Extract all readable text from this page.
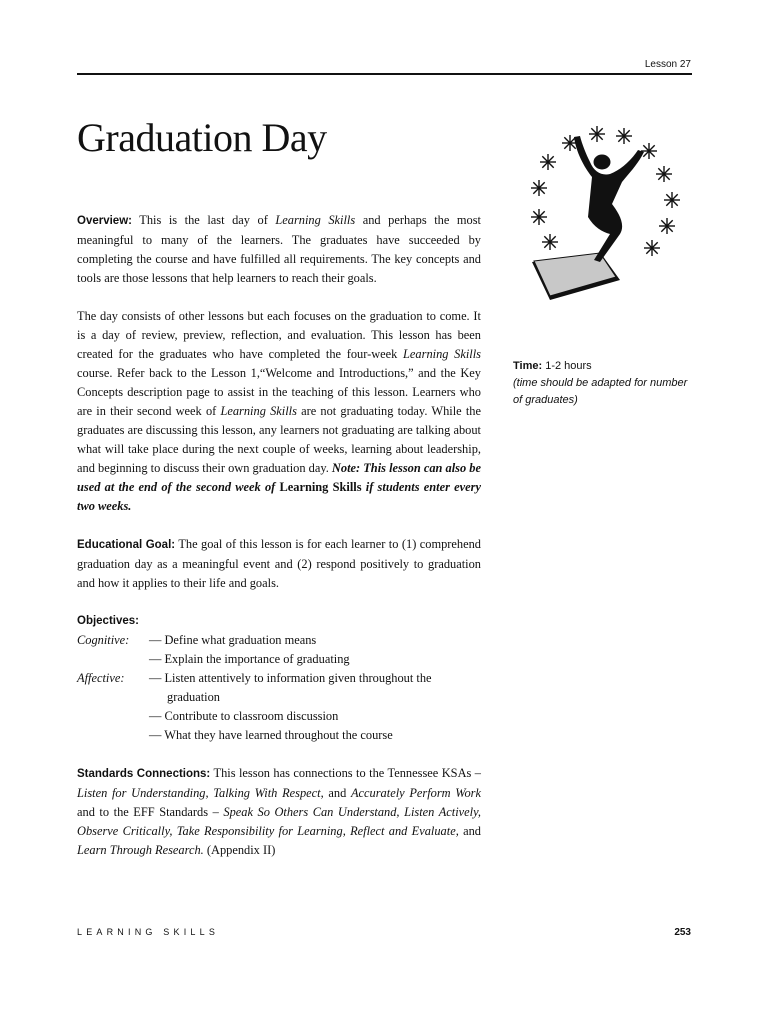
Lesson 27
Graduation Day

Overview: This is the last day of Learning Skills and perhaps the most meaningful to many of the learners. The graduates have succeeded by completing the course and have fulfilled all requirements. The key concepts and tools are those lessons that help learners to reach their goals.

The day consists of other lessons but each focuses on the graduation to come. It is a day of review, preview, reflection, and evaluation. This lesson has been created for the graduates who have completed the four-week Learning Skills course. Refer back to the Lesson 1,“Welcome and Introductions,” and the Key Concepts description page to assist in the teaching of this lesson. Learners who are in their second week of Learning Skills are not graduating today. While the graduates are discussing this lesson, any learners not graduating are talking about what will take place during the next couple of weeks, learning about leadership, and beginning to discuss their own graduation day. Note: This lesson can also be used at the end of the second week of Learning Skills if students enter every two weeks.

Educational Goal: The goal of this lesson is for each learner to (1) comprehend graduation day as a meaningful event and (2) respond positively to graduation and how it applies to their life and goals.

Objectives:
Cognitive:	— Define what graduation means
— Explain the importance of graduating
Affective:	— Listen attentively to information given throughout the graduation
— Contribute to classroom discussion
— What they have learned throughout the course

Standards Connections: This lesson has connections to the Tennessee KSAs – Listen for Understanding, Talking With Respect, and Accurately Perform Work and to the EFF Standards – Speak So Others Can Understand, Listen Actively, Observe Critically, Take Responsibility for Learning, Reflect and Evaluate, and Learn Through Research. (Appendix II)

Time: 1-2 hours
(time should be adapted for number of graduates)
LEARNING SKILLS	253
